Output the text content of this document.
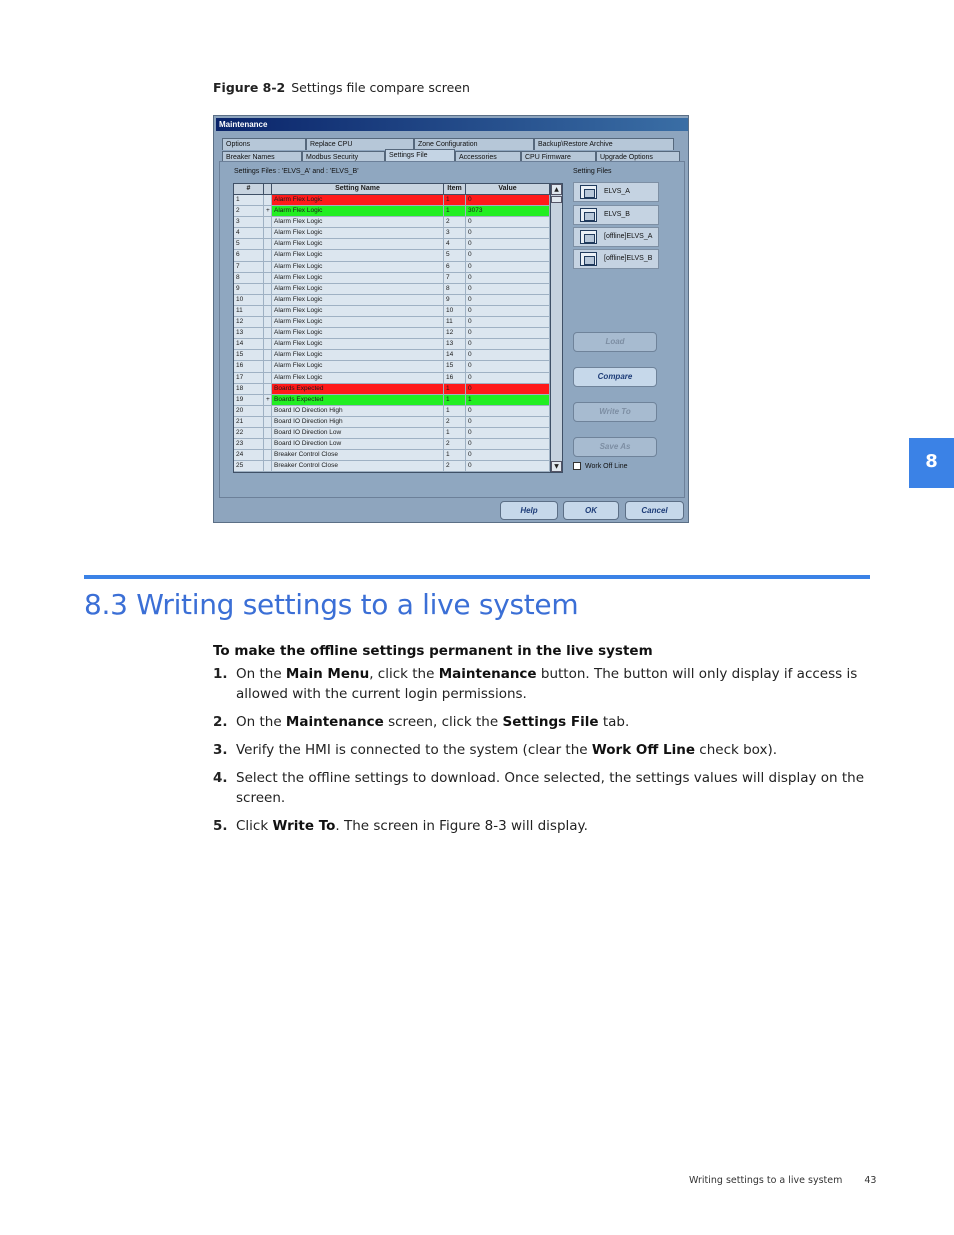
Figure 8-2 Settings file compare screen
Maintenance
Options	Replace CPU	Zone Configuration	Backup\Restore Archive
Breaker Names	Modbus Security	Settings File	Accessories	CPU Firmware	Upgrade Options
Settings Files : 'ELVS_A' and : 'ELVS_B'
#	Setting Name	Item	Value
1	Alarm Flex Logic	1	0
2	+ Alarm Flex Logic	1	3073
3	Alarm Flex Logic	2	0
4	Alarm Flex Logic	3	0
5	Alarm Flex Logic	4	0
6	Alarm Flex Logic	5	0
7	Alarm Flex Logic	6	0
8	Alarm Flex Logic	7	0
9	Alarm Flex Logic	8	0
10	Alarm Flex Logic	9	0
11	Alarm Flex Logic	10	0
12	Alarm Flex Logic	11	0
13	Alarm Flex Logic	12	0
14	Alarm Flex Logic	13	0
15	Alarm Flex Logic	14	0
16	Alarm Flex Logic	15	0
17	Alarm Flex Logic	16	0
18	Boards Expected	1	0
19	+ Boards Expected	1	1
20	Board IO Direction High	1	0
21	Board IO Direction High	2	0
22	Board IO Direction Low	1	0
23	Board IO Direction Low	2	0
24	Breaker Control Close	1	0
25	Breaker Control Close	2	0
▲
▼
Setting Files
ELVS_A
ELVS_B
[offline]ELVS_A
[offline]ELVS_B
Load
Compare
Write To
Save As
Work Off Line
Help	OK	Cancel
8.3 Writing settings to a live system
8
To make the offline settings permanent in the live system
1. On the Main Menu, click the Maintenance button. The button will only display if access is allowed with the current login permissions.
2. On the Maintenance screen, click the Settings File tab.
3. Verify the HMI is connected to the system (clear the Work Off Line check box).
4. Select the offline settings to download. Once selected, the settings values will display on the screen.
5. Click Write To. The screen in Figure 8-3 will display.
Writing settings to a live system 43
